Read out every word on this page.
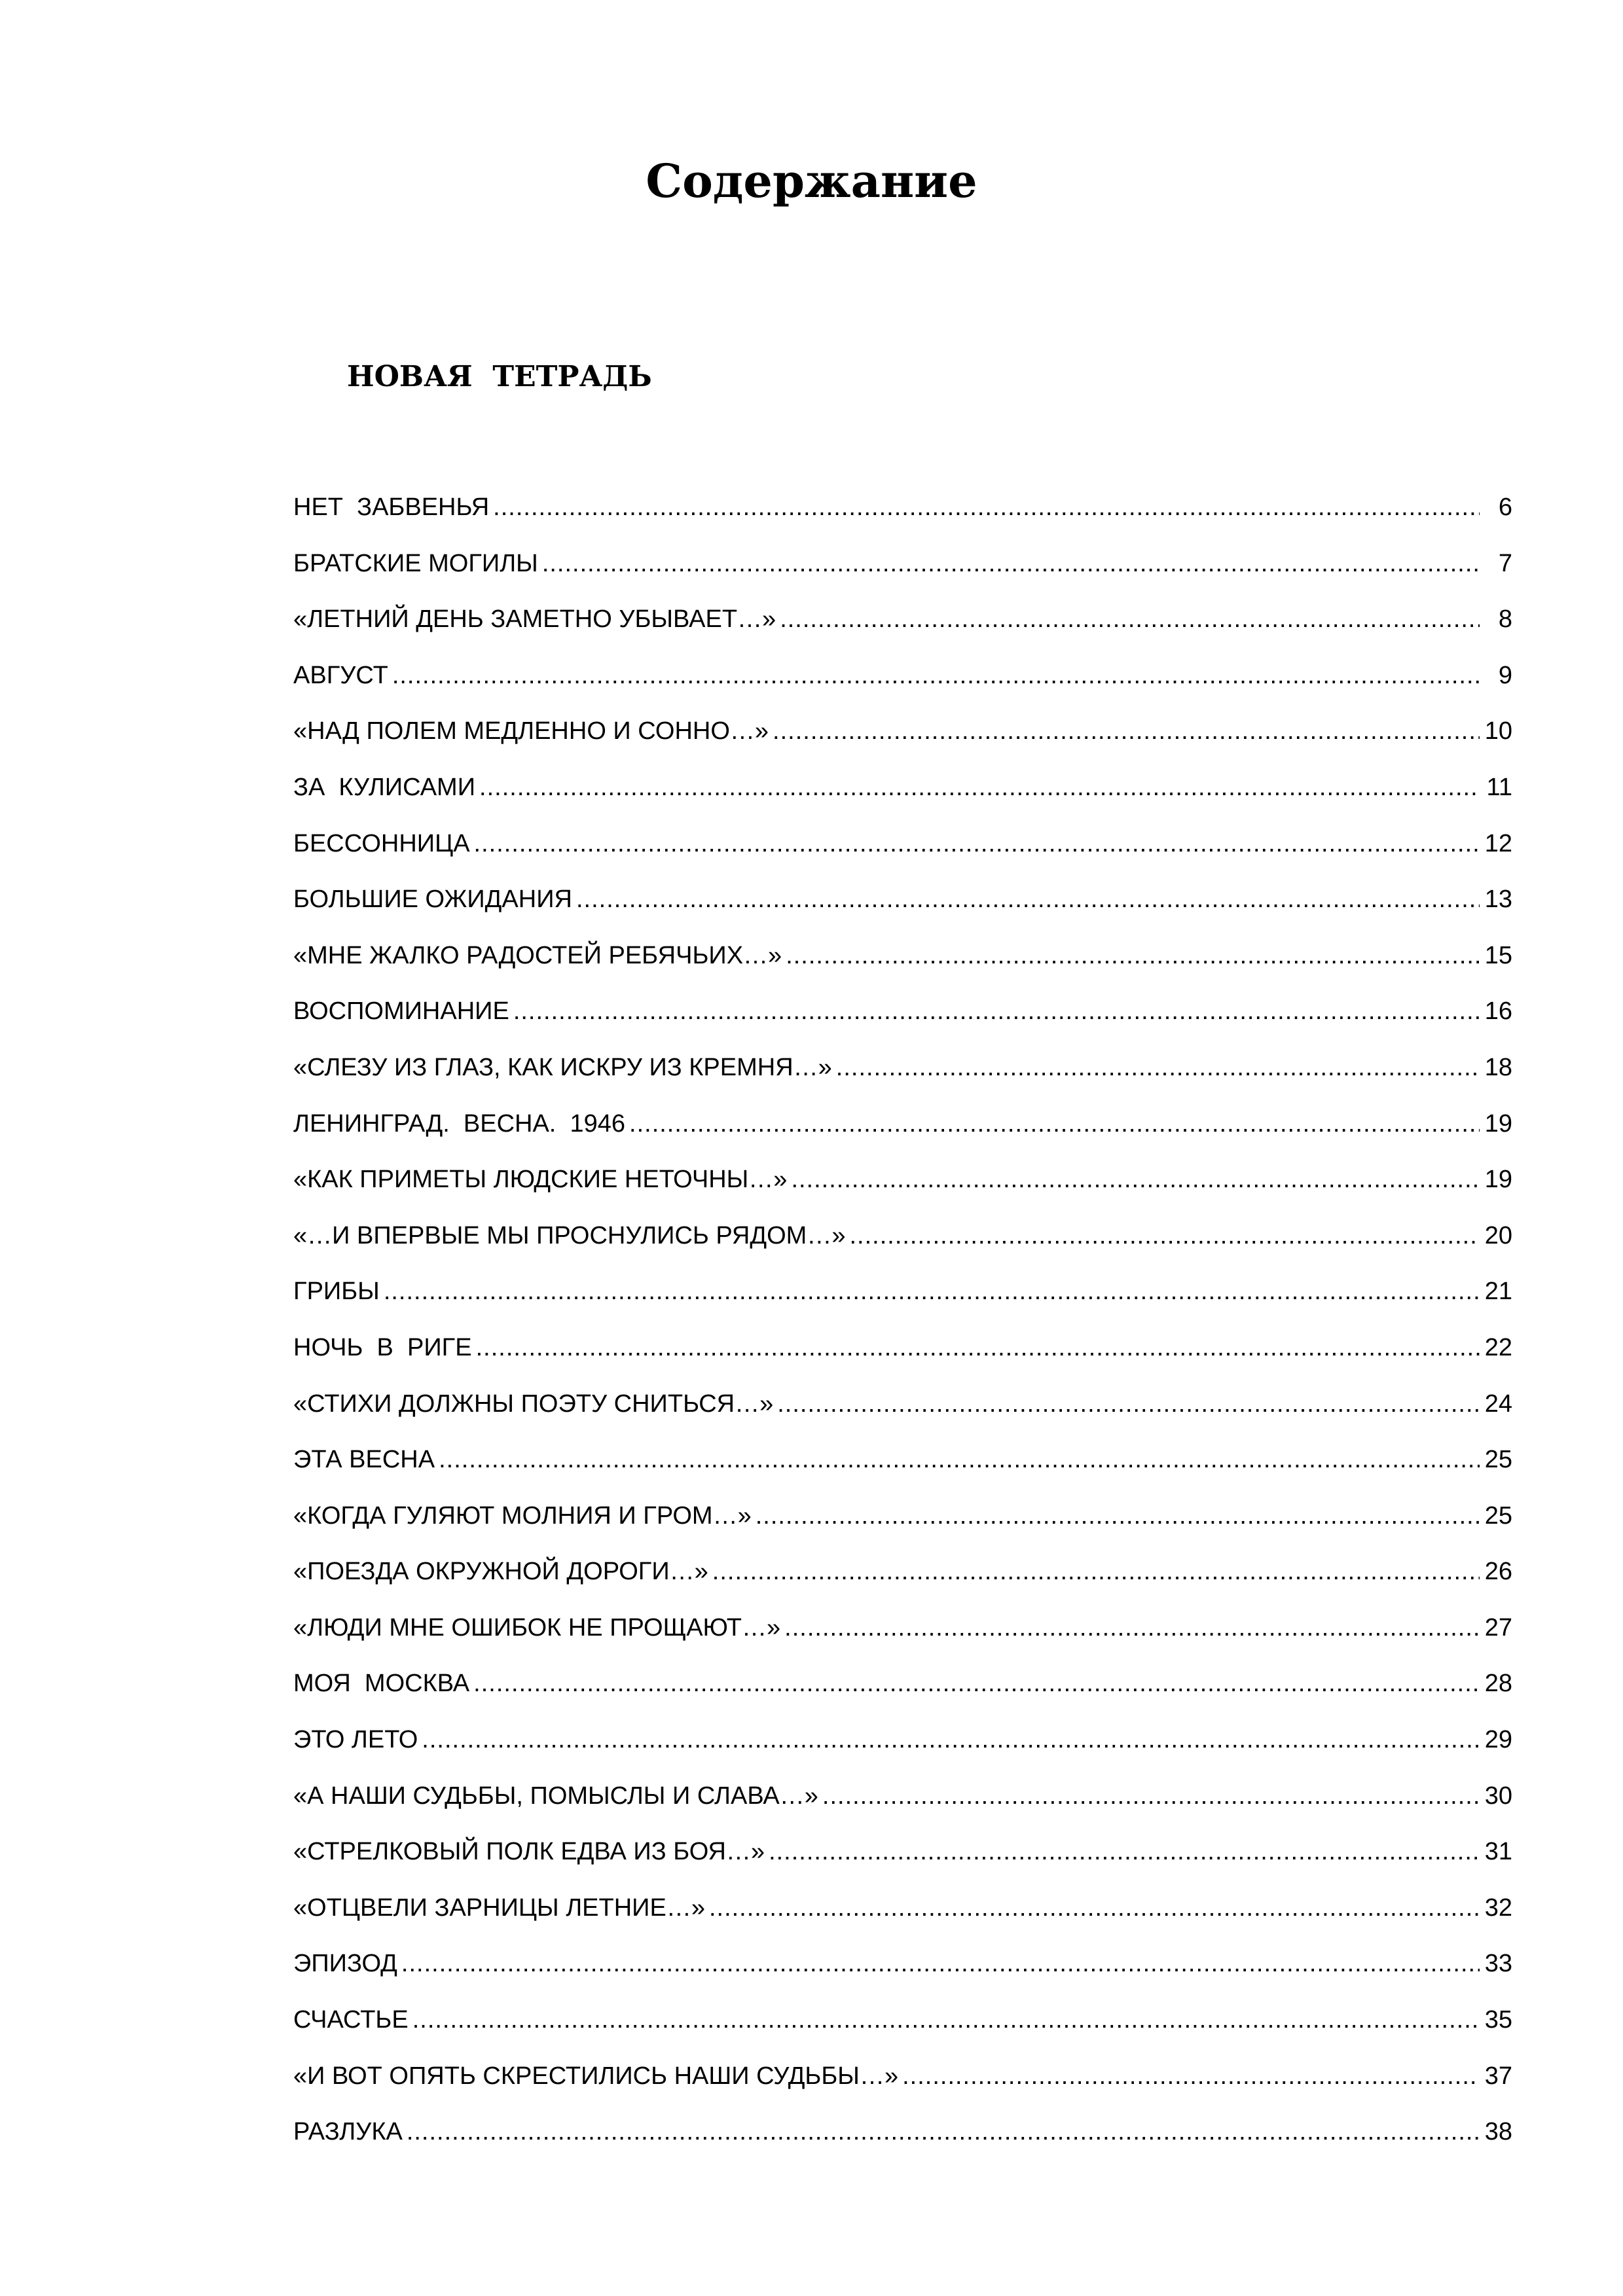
Содержание
НОВАЯ  ТЕТРАДЬ
НЕТ  ЗАБВЕНЬЯ .....	6
БРАТСКИЕ МОГИЛЫ .....	7
«ЛЕТНИЙ ДЕНЬ ЗАМЕТНО УБЫВАЕТ…» .....	8
АВГУСТ .....	9
«НАД ПОЛЕМ МЕДЛЕННО И СОННО…» .....	10
ЗА  КУЛИСАМИ .....	11
БЕССОННИЦА .....	12
БОЛЬШИЕ ОЖИДАНИЯ .....	13
«МНЕ ЖАЛКО РАДОСТЕЙ РЕБЯЧЬИХ…» .....	15
ВОСПОМИНАНИЕ .....	16
«СЛЕЗУ ИЗ ГЛАЗ, КАК ИСКРУ ИЗ КРЕМНЯ…» .....	18
ЛЕНИНГРАД.  ВЕСНА.  1946 .....	19
«КАК ПРИМЕТЫ ЛЮДСКИЕ НЕТОЧНЫ…» .....	19
«…И ВПЕРВЫЕ МЫ ПРОСНУЛИСЬ РЯДОМ…» .....	20
ГРИБЫ .....	21
НОЧЬ  В  РИГЕ .....	22
«СТИХИ ДОЛЖНЫ ПОЭТУ СНИТЬСЯ…» .....	24
ЭТА ВЕСНА .....	25
«КОГДА ГУЛЯЮТ МОЛНИЯ И ГРОМ…» .....	25
«ПОЕЗДА ОКРУЖНОЙ ДОРОГИ…» .....	26
«ЛЮДИ МНЕ ОШИБОК НЕ ПРОЩАЮТ…» .....	27
МОЯ  МОСКВА .....	28
ЭТО ЛЕТО .....	29
«А НАШИ СУДЬБЫ, ПОМЫСЛЫ И СЛАВА…» .....	30
«СТРЕЛКОВЫЙ ПОЛК ЕДВА ИЗ БОЯ…» .....	31
«ОТЦВЕЛИ ЗАРНИЦЫ ЛЕТНИЕ…» .....	32
ЭПИЗОД .....	33
СЧАСТЬЕ .....	35
«И ВОТ ОПЯТЬ СКРЕСТИЛИСЬ НАШИ СУДЬБЫ…» .....	37
РАЗЛУКА .....	38
